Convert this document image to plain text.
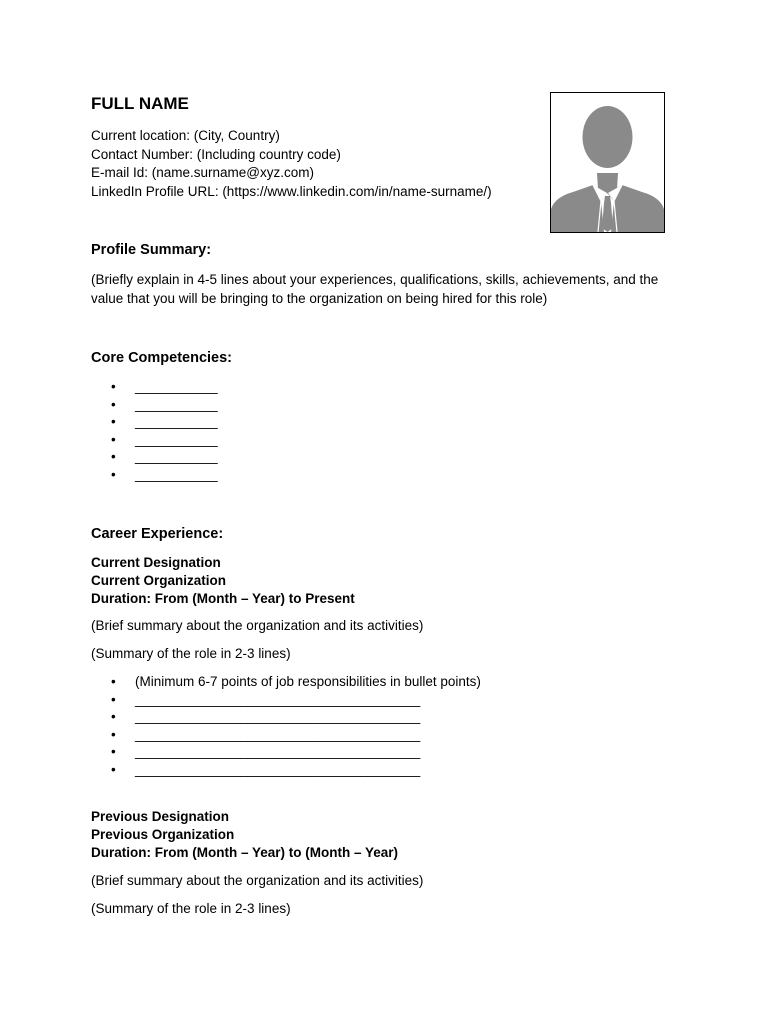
FULL NAME
Current location: (City, Country)
Contact Number: (Including country code)
E-mail Id: (name.surname@xyz.com)
LinkedIn Profile URL: (https://www.linkedin.com/in/name-surname/)
Profile Summary:
(Briefly explain in 4-5 lines about your experiences, qualifications, skills, achievements, and the value that you will be bringing to the organization on being hired for this role)
Core Competencies:
• ___________
• ___________
• ___________
• ___________
• ___________
• ___________
Career Experience:
Current Designation
Current Organization
Duration: From (Month – Year) to Present
(Brief summary about the organization and its activities)
(Summary of the role in 2-3 lines)
• (Minimum 6-7 points of job responsibilities in bullet points)
• ______________________________________
• ______________________________________
• ______________________________________
• ______________________________________
• ______________________________________
Previous Designation
Previous Organization
Duration: From (Month – Year) to (Month – Year)
(Brief summary about the organization and its activities)
(Summary of the role in 2-3 lines)
